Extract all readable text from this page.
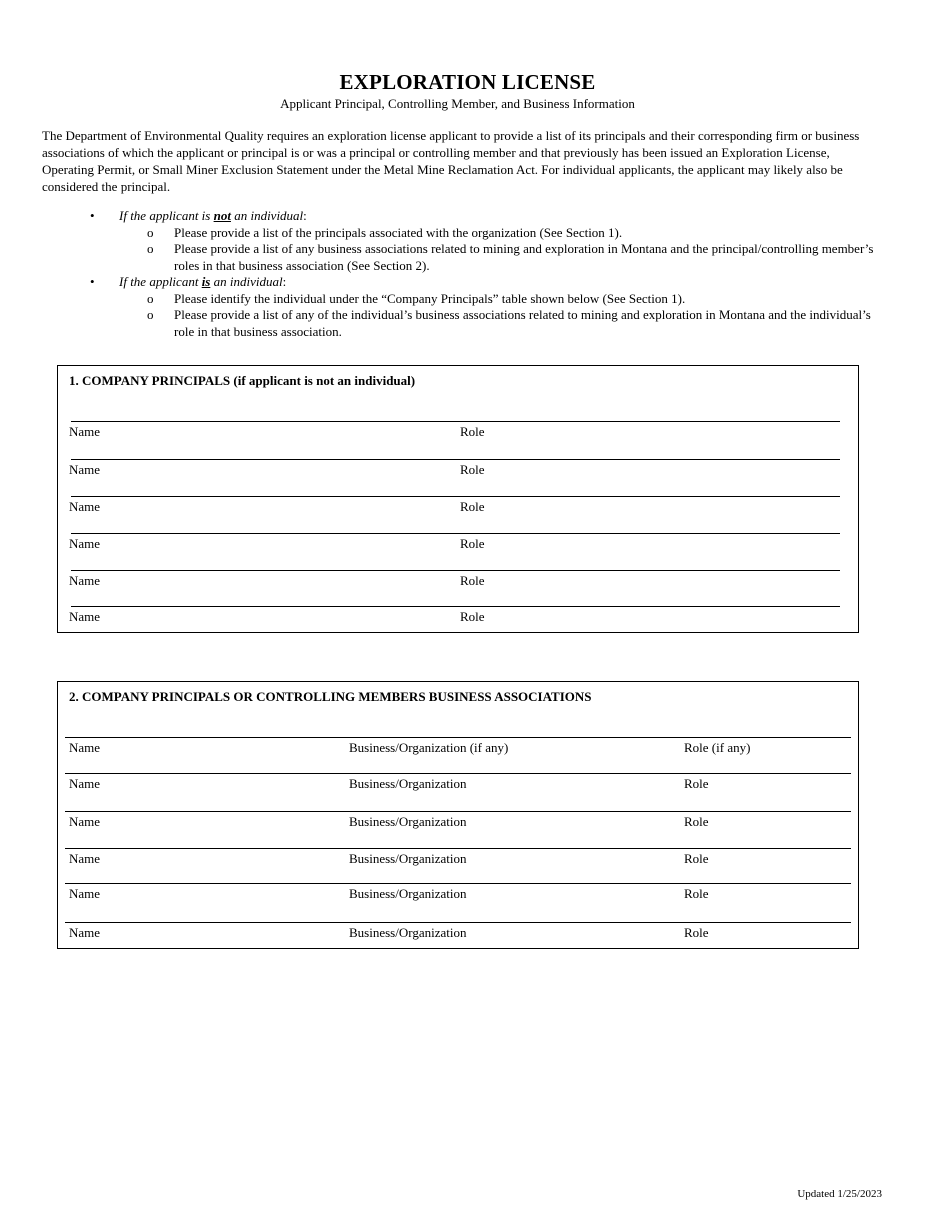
EXPLORATION LICENSE
Applicant Principal, Controlling Member, and Business Information
The Department of Environmental Quality requires an exploration license applicant to provide a list of its principals and their corresponding firm or business associations of which the applicant or principal is or was a principal or controlling member and that previously has been issued an Exploration License, Operating Permit, or Small Miner Exclusion Statement under the Metal Mine Reclamation Act. For individual applicants, the applicant may likely also be considered the principal.
• If the applicant is not an individual:
o Please provide a list of the principals associated with the organization (See Section 1).
o Please provide a list of any business associations related to mining and exploration in Montana and the principal/controlling member’s roles in that business association (See Section 2).
• If the applicant is an individual:
o Please identify the individual under the “Company Principals” table shown below (See Section 1).
o Please provide a list of any of the individual’s business associations related to mining and exploration in Montana and the individual’s role in that business association.
1. COMPANY PRINCIPALS (if applicant is not an individual)
Name	Role
Name	Role
Name	Role
Name	Role
Name	Role
Name	Role
2. COMPANY PRINCIPALS OR CONTROLLING MEMBERS BUSINESS ASSOCIATIONS
Name	Business/Organization (if any)	Role (if any)
Name	Business/Organization	Role
Name	Business/Organization	Role
Name	Business/Organization	Role
Name	Business/Organization	Role
Name	Business/Organization	Role
Updated 1/25/2023
